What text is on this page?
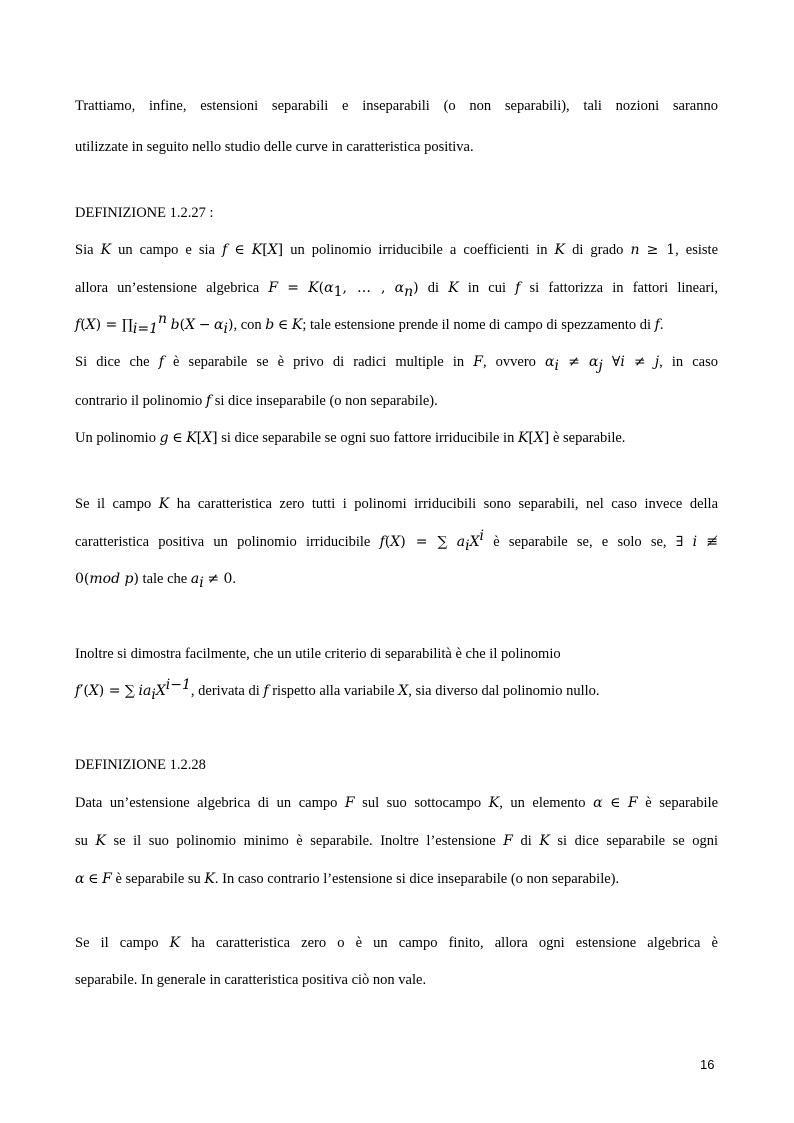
Trattiamo, infine, estensioni separabili e inseparabili (o non separabili), tali nozioni saranno
utilizzate in seguito nello studio delle curve in caratteristica positiva.
DEFINIZIONE 1.2.27 :
Sia K un campo e sia f ∈ K[X] un polinomio irriducibile a coefficienti in K di grado n ≥ 1, esiste
allora un’estensione algebrica $F = K(\alpha_1$, … , $\alpha_n$) di K in cui f si fattorizza in fattori lineari,
$f(X) = \prod_{i=1}^n$ $b(X - \alpha_i)$, con b ∈ K; tale estensione prende il nome di campo di spezzamento di f.
Si dice che f è separabile se è privo di radici multiple in F, ovvero $\alpha_i \ne \alpha_j$ ∀i ≠ j, in caso
contrario il polinomio f si dice inseparabile (o non separabile).
Un polinomio g ∈ K[X] si dice separabile se ogni suo fattore irriducibile in K[X] è separabile.
Se il campo K ha caratteristica zero tutti i polinomi irriducibili sono separabili, nel caso invece della
caratteristica positiva un polinomio irriducibile f(X) = ∑ $a_iX^i$ è separabile se, e solo se, ∃ i ≢
0(mod p) tale che $a_i \ne 0$.
Inoltre si dimostra facilmente, che un utile criterio di separabilità è che il polinomio
f′(X) = ∑ $ia_iX^{i-1}$, derivata di f rispetto alla variabile X, sia diverso dal polinomio nullo.
DEFINIZIONE 1.2.28
Data un’estensione algebrica di un campo F sul suo sottocampo K, un elemento α ∈ F è separabile
su K se il suo polinomio minimo è separabile. Inoltre l’estensione F di K si dice separabile se ogni
α ∈ F è separabile su K. In caso contrario l’estensione si dice inseparabile (o non separabile).
Se il campo K ha caratteristica zero o è un campo finito, allora ogni estensione algebrica è
separabile. In generale in caratteristica positiva ciò non vale.
16
